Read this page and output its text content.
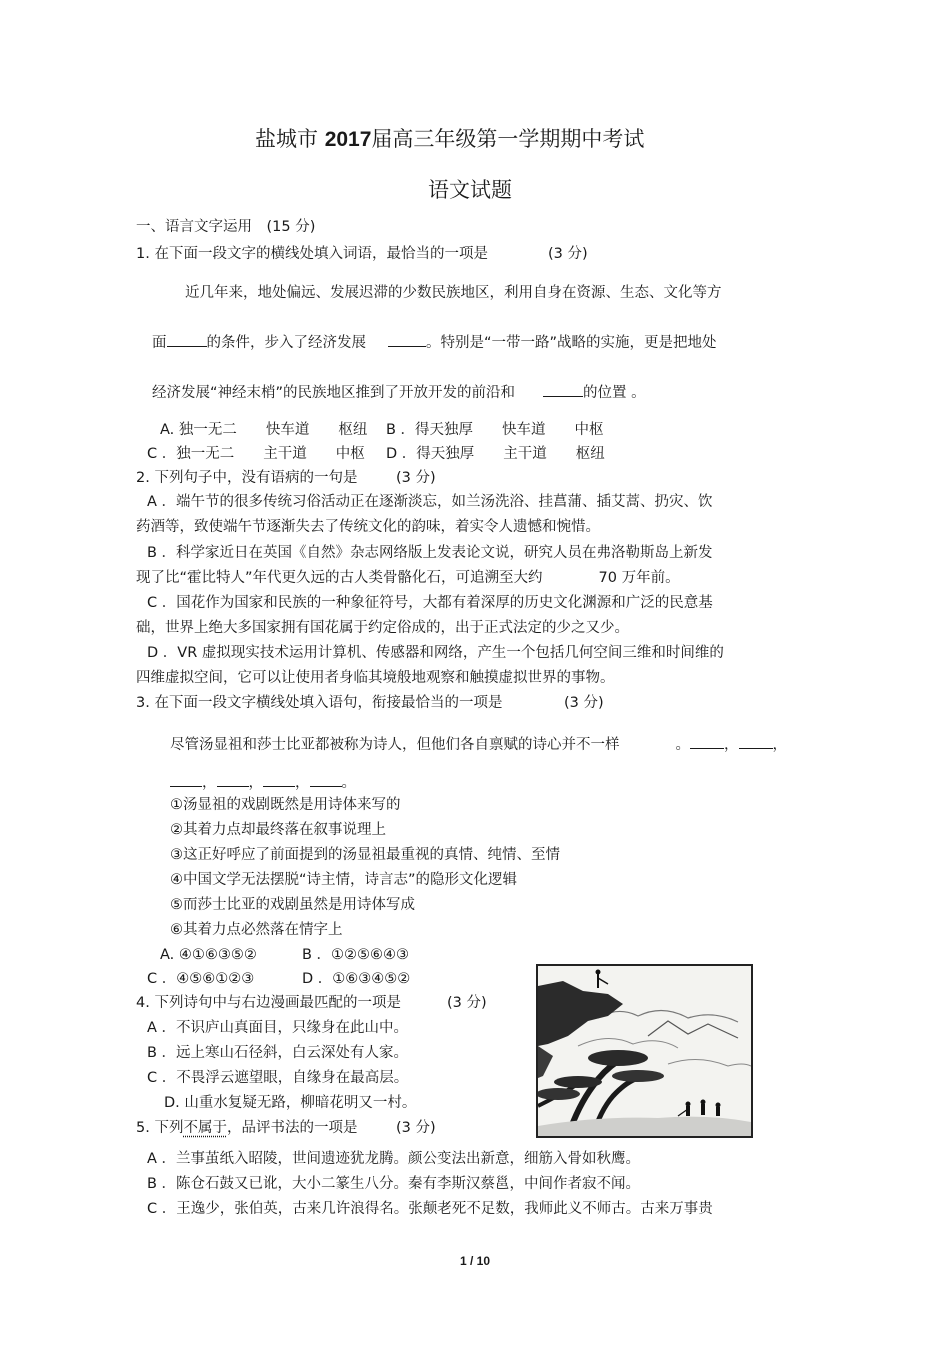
盐城市 2017届高三年级第一学期期中考试
语文试题
一、语言文字运用　(15 分)
1. 在下面一段文字的横线处填入词语，最恰当的一项是	(3 分)
近几年来，地处偏远、发展迟滞的少数民族地区，利用自身在资源、生态、文化等方
面	的条件，步入了经济发展	。特别是“一带一路”战略的实施，更是把地处
经济发展“神经末梢”的民族地区推到了开放开发的前沿和	的位置 。
A. 独一无二　　快车道　　枢纽 B ．得天独厚　　快车道　　中枢
C ．独一无二　　主干道　　中枢 D ．得天独厚　　主干道　　枢纽
2. 下列句子中，没有语病的一句是	(3 分)
A ．端午节的很多传统习俗活动正在逐渐淡忘，如兰汤洗浴、挂菖蒲、插艾蒿、扔灾、饮
药酒等，致使端午节逐渐失去了传统文化的韵味，着实令人遗憾和惋惜。
B ．科学家近日在英国《自然》杂志网络版上发表论文说，研究人员在弗洛勒斯岛上新发
现了比“霍比特人”年代更久远的古人类骨骼化石，可追溯至大约	70 万年前。
C ．国花作为国家和民族的一种象征符号，大都有着深厚的历史文化渊源和广泛的民意基
础，世界上绝大多国家拥有国花属于约定俗成的，出于正式法定的少之又少。
D ．VR 虚拟现实技术运用计算机、传感器和网络，产生一个包括几何空间三维和时间维的
四维虚拟空间，它可以让使用者身临其境般地观察和触摸虚拟世界的事物。
3. 在下面一段文字横线处填入语句，衔接最恰当的一项是	(3 分)
尽管汤显祖和莎士比亚都被称为诗人，但他们各自禀赋的诗心并不一样	。 ， ，
， ， ， 。
①汤显祖的戏剧既然是用诗体来写的
②其着力点却最终落在叙事说理上
③这正好呼应了前面提到的汤显祖最重视的真情、纯情、至情
④中国文学无法摆脱“诗主情，诗言志”的隐形文化逻辑
⑤而莎士比亚的戏剧虽然是用诗体写成
⑥其着力点必然落在情字上
A. ④①⑥③⑤②	B ．①②⑤⑥④③
C ．④⑤⑥①②③	D ．①⑥③④⑤②
4. 下列诗句中与右边漫画最匹配的一项是	(3 分)
A ．不识庐山真面目，只缘身在此山中。
B ．远上寒山石径斜，白云深处有人家。
C ．不畏浮云遮望眼，自缘身在最高层。
D. 山重水复疑无路，柳暗花明又一村。
5. 下列不属于，品评书法的一项是	(3 分)
A ．兰事茧纸入昭陵，世间遗迹犹龙腾。颜公变法出新意，细筋入骨如秋鹰。
B ．陈仓石鼓又已讹，大小二篆生八分。秦有李斯汉蔡邕，中间作者寂不闻。
C ．王逸少，张伯英，古来几许浪得名。张颠老死不足数，我师此义不师古。古来万事贵
1 / 10
